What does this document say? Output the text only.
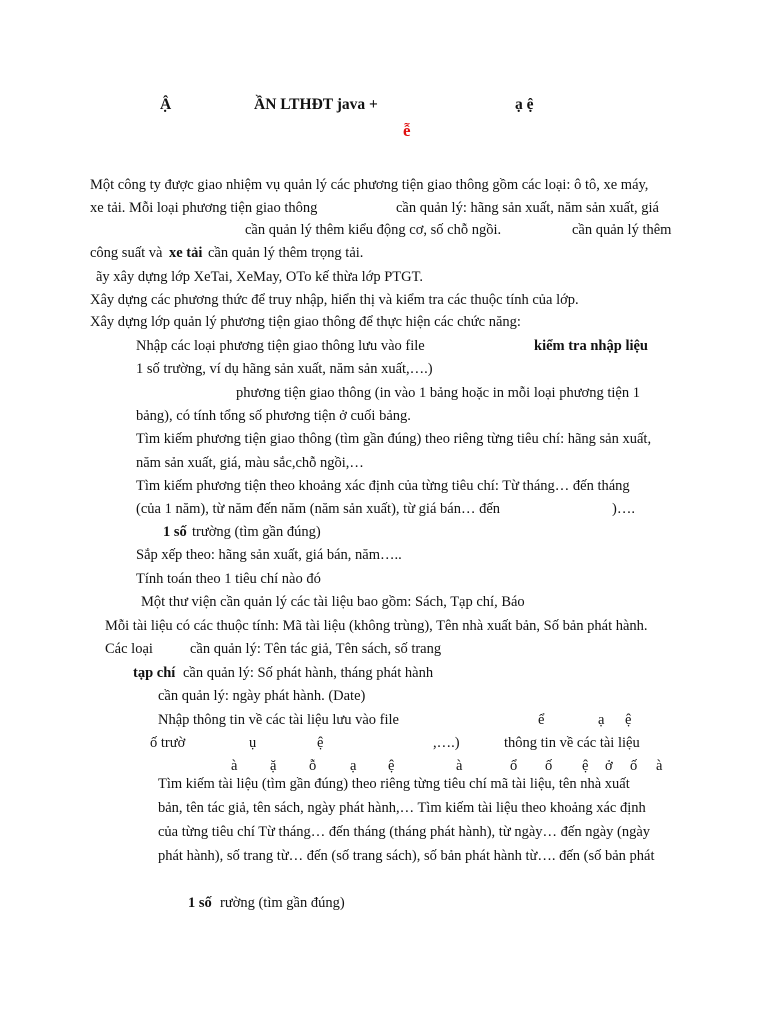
Ậ	ẦN LTHĐT java +	ạ ệ
ễ
Một công ty được giao nhiệm vụ quản lý các phương tiện giao thông gồm các loại: ô tô, xe máy,
xe tải. Mỗi loại phương tiện giao thông	cần quản lý: hãng sản xuất, năm sản xuất, giá
cần quản lý thêm kiểu động cơ, số chỗ ngồi.	cần quản lý thêm
công suất và xe tải cần quản lý thêm trọng tải.
ãy xây dựng lớp XeTai, XeMay, OTo kế thừa lớp PTGT.
Xây dựng các phương thức để truy nhập, hiển thị và kiểm tra các thuộc tính của lớp.
Xây dựng lớp quản lý phương tiện giao thông để thực hiện các chức năng:
Nhập các loại phương tiện giao thông lưu vào file	kiểm tra nhập liệu
1 số trường, ví dụ hãng sản xuất, năm sản xuất,….)
phương tiện giao thông (in vào 1 bảng hoặc in mỗi loại phương tiện 1
bảng), có tính tổng số phương tiện ở cuối bảng.
Tìm kiếm phương tiện giao thông (tìm gần đúng) theo riêng từng tiêu chí: hãng sản xuất,
năm sản xuất, giá, màu sắc,chỗ ngồi,…
Tìm kiếm phương tiện theo khoảng xác định của từng tiêu chí: Từ tháng… đến tháng
(của 1 năm), từ năm đến năm (năm sản xuất), từ giá bán… đến	)….
1 số trường (tìm gần đúng)
Sắp xếp theo: hãng sản xuất, giá bán, năm…..
Tính toán theo 1 tiêu chí nào đó
Một thư viện cần quản lý các tài liệu bao gồm: Sách, Tạp chí, Báo
Mỗi tài liệu có các thuộc tính: Mã tài liệu (không trùng), Tên nhà xuất bản, Số bản phát hành.
Các loại	cần quản lý: Tên tác giả, Tên sách, số trang
tạp chí cần quản lý: Số phát hành, tháng phát hành
cần quản lý: ngày phát hành. (Date)
Nhập thông tin về các tài liệu lưu vào file	ể	ạ ệ
ố trườ	ụ	ệ	,….)	thông tin về các tài liệu
à ặ ỗ ạ ệ	à	ổ ố ệ ở ố à
Tìm kiếm tài liệu (tìm gần đúng) theo riêng từng tiêu chí mã tài liệu, tên nhà xuất
bản, tên tác giả, tên sách, ngày phát hành,… Tìm kiếm tài liệu theo khoảng xác định
của từng tiêu chí Từ tháng… đến tháng (tháng phát hành), từ ngày… đến ngày (ngày
phát hành), số trang từ… đến (số trang sách), số bản phát hành từ…. đến (số bản phát
1 số rường (tìm gần đúng)
